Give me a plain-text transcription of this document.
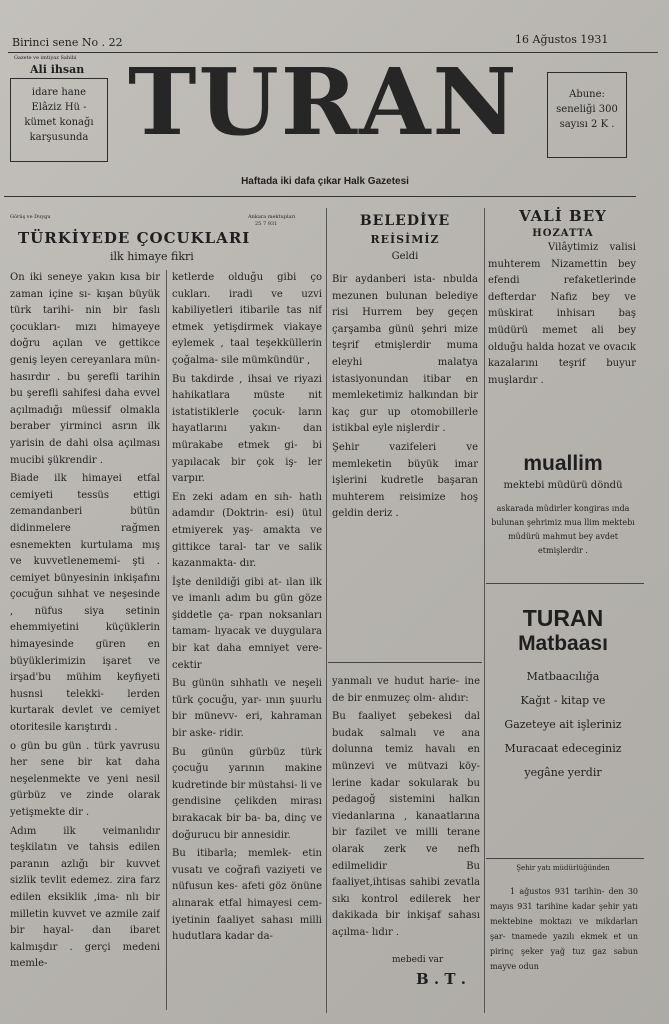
Birinci sene No . 22	16 Ağustos 1931
Gazete ve imtiyaz Sahibi
Ali ihsan
idare hane
Elâziz Hü -
kümet konağı
karşusunda TURAN	Abune:
seneliği 300
sayısı 2 K .
Haftada iki dafa çıkar Halk Gazetesi
Görüş ve Duygu	Ankara mektupları
25 7 931
TÜRKİYEDE ÇOCUKLARI
ilk himaye fikri

On iki seneye yakın kısa bir zaman içine sı- kışan büyük türk tarihi- nin bir faslı çocukları- mızı himayeye doğru açılan ve gettikce geniş leyen cereyanlara mün- hasırdır . bu şerefli tarihin bu şerefli sahifesi daha evvel açılmadığı müessif olmakla beraber yirminci asrın ilk yarisin de dahi olsa açılması mucibi şükrendir .

Biade ilk himayei etfal cemiyeti tessüs ettigi zemandanberi bütün didinmelere rağmen esnemekten kurtulama mış ve kuvvetlenememi- şti . cemiyet bünyesinin inkişafını çocuğun sıhhat ve neşesinde , nüfus siya setinin ehemmiyetini küçüklerin himayesinde güren en büyüklerimizin işaret ve irşad'bu mühim keyfiyeti husnsi telekki- lerden kurtarak devlet ve cemiyet otoritesile karıştırdı .

o gün bu gün . türk yavrusu her sene bir kat daha neşelenmekte ve yeni nesil gürbüz ve zinde olarak yetişmekte dir .

Adım ilk veimanlıdır teşkilatın ve tahsis edilen paranın azlığı bir kuvvet sizlik tevlit edemez. zira farz edilen eksiklik ,ima- nlı bir milletin kuvvet ve azmile zaif bir hayal- dan ibaret kalmışdır . gerçi medeni memle-

ketlerde olduğu gibi ço cukları. iradi ve uzvi kabiliyetleri itibarile tas nif etmek yetişdirmek viakaye eylemek , taal teşekküllerin çoğalma- sile mümkündür ,

Bu takdirde , ihsai ve riyazi hahikatlara müste nit istatistiklerle çocuk- ların hayatlarını yakın- dan mürakabe etmek gi- bi yapılacak bir çok iş- ler varpır.

En zeki adam en sıh- hatlı adamdır (Doktrin- esi) ütul etmiyerek yaş- amakta ve gittikce taral- tar ve salik kazanmakta- dır.

İşte denildiği gibi at- ılan ilk ve imanlı adım bu gün göze şiddetle ça- rpan noksanları tamam- lıyacak ve duygulara bir kat daha emniyet vere- cektir

Bu günün sıhhatlı ve neşeli türk çocuğu, yar- ının şuurlu bir münevv- eri, kahraman bir aske- ridir.

Bu günün gürbüz türk çocuğu yarının makine kudretinde bir müstahsi- li ve gendisine çelikden mirası bırakacak bir ba- ba, dinç ve doğurucu bir annesidir.

Bu itibarla; memlek- etin vusatı ve coğrafi vaziyeti ve nüfusun kes- afeti göz önüne alınarak etfal himayesi cem- iyetinin faaliyet sahası milli hudutlara kadar da-

BELEDİYE
REİSİMİZ
Geldi

Bir aydanberi ista- nbulda mezunen bulunan belediye risi Hurrem bey geçen çarşamba günü şehri mize teşrif etmişlerdir muma eleyhi malatya istasiyonundan itibar en memleketimiz halkından bir kaç gur up otomobillerle istikbal eyle nişlerdir .

Şehir vazifeleri ve memleketin büyük imar işlerini kudretle başaran muhterem reisimize hoş geldin deriz .

yanmalı ve hudut harie- ine de bir enmuzeç olm- alıdır:

Bu faaliyet şebekesi dal budak salmalı ve ana dolunna temiz havalı en münzevi ve mütvazi köy- lerine kadar sokularak bu pedagoğ sistemini halkın viedanlarına , kanaatlarına bir fazilet ve milli terane olarak zerk ve nefh edilmelidir Bu faaliyet,ihtisas sahibi zevatla sıkı kontrol edilerek her dakikada bir inkişaf sahası açılma- lıdır .

mebedi var
B . T .
VALİ BEY
HOZATTA
Vilâytimiz valisi muhterem Nizamettin bey efendi refaketlerinde defterdar Nafiz bey ve müskirat inhisarı baş müdürü memet ali bey olduğu halda hozat ve ovacık kazalarını teşrif buyur muşlardır .
muallim
mektebi müdürü döndü
askarada müdirler kongiras ında bulunan şehrimiz mua llim mektebı müdürü mahmut bey avdet etmişlerdir .
TURAN
Matbaası
Matbaacılığa
Kağıt - kitap ve
Gazeteye ait işleriniz
Muracaat edeceginiz
yegâne yerdir
Şehir yatı müdürlüğünden
1 ağustos 931 tarihin- den 30 mayıs 931 tarihine kadar şehir yatı mektebine moktazı ve mikdarları şar- tnamede yazılı ekmek et un pirinç şeker yağ tuz gaz sabun mayve odun
